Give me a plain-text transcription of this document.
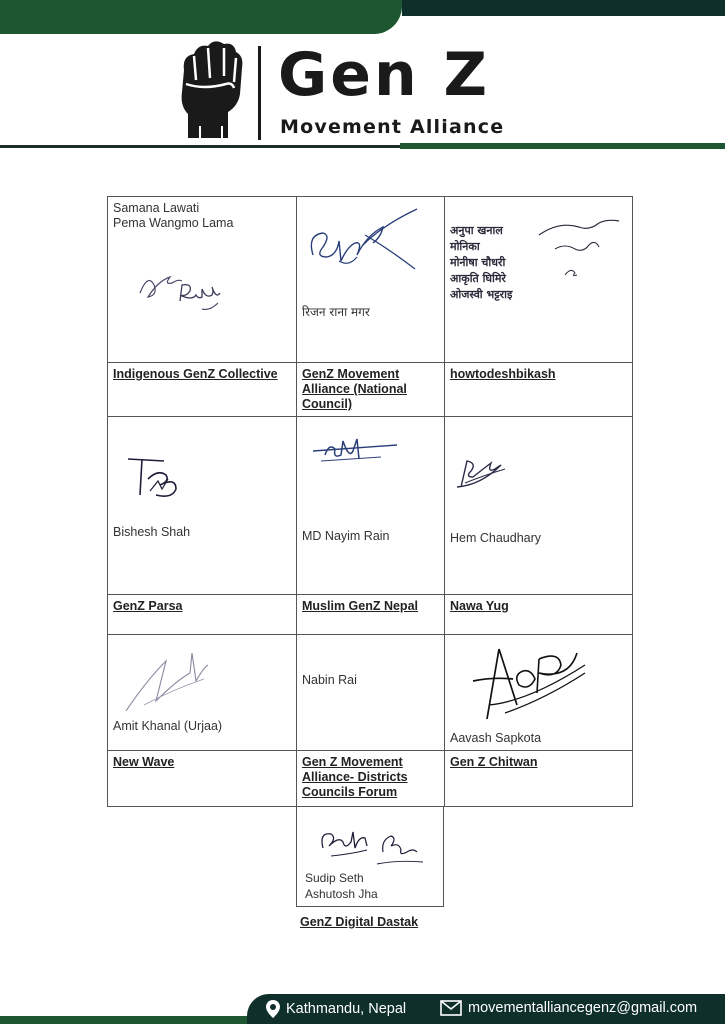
Gen Z
Movement Alliance
Samana Lawati
Pema Wangmo Lama	रिजन राना मगर	अनुपा खनाल
मोनिका
मोनीषा चौधरी
आकृति घिमिरे
ओजस्वी भट्टराइ

Indigenous GenZ Collective	GenZ Movement Alliance (National Council)	howtodeshbikash

Bishesh Shah	MD Nayim Rain	Hem Chaudhary

GenZ Parsa	Muslim GenZ Nepal	Nawa Yug

Amit Khanal (Urjaa)	Nabin Rai	Aavash Sapkota

New Wave	Gen Z Movement Alliance- Districts Councils Forum	Gen Z Chitwan
Sudip Seth
Ashutosh Jha
GenZ Digital Dastak
Kathmandu, Nepal	movementalliancegenz@gmail.com
